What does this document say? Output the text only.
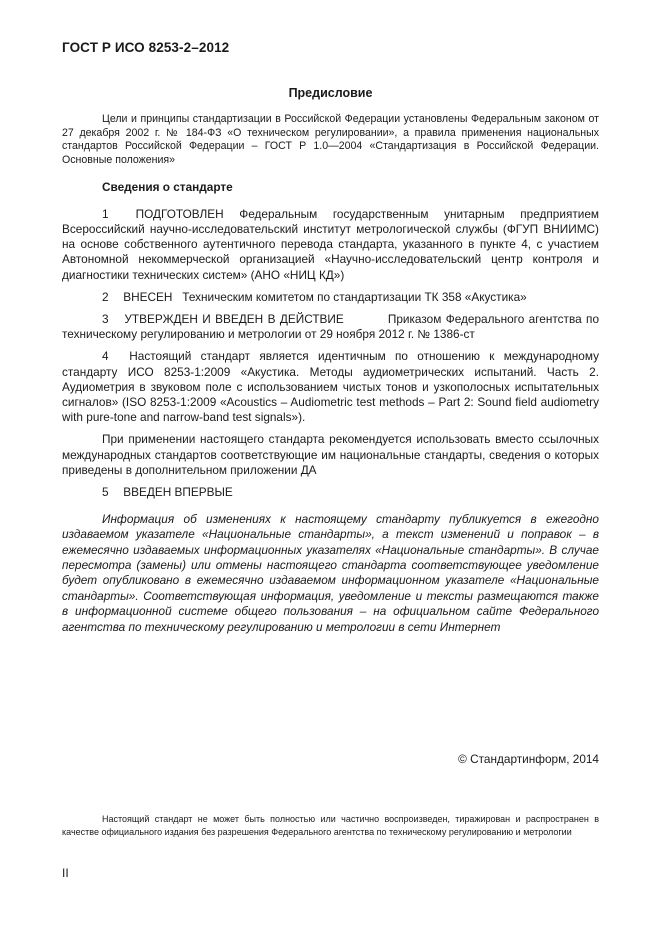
ГОСТ Р ИСО 8253-2–2012
Предисловие

Цели и принципы стандартизации в Российской Федерации установлены Федеральным законом от 27 декабря 2002 г. № 184-ФЗ «О техническом регулировании», а правила применения национальных стандартов Российской Федерации – ГОСТ Р 1.0—2004 «Стандартизация в Российской Федерации. Основные положения»

Сведения о стандарте

1 ПОДГОТОВЛЕН Федеральным государственным унитарным предприятием Всероссийский научно-исследовательский институт метрологической службы (ФГУП ВНИИМС) на основе собственного аутентичного перевода стандарта, указанного в пункте 4, с участием Автономной некоммерческой организацией «Научно-исследовательский центр контроля и диагностики технических систем» (АНО «НИЦ КД»)

2 ВНЕСЕН   Техническим комитетом по стандартизации ТК 358 «Акустика»

3 УТВЕРЖДЕН И ВВЕДЕН В ДЕЙСТВИЕ          Приказом Федерального агентства по техническому регулированию и метрологии от 29 ноября 2012 г. № 1386-ст

4 Настоящий стандарт является идентичным по отношению к международному стандарту ИСО 8253-1:2009 «Акустика. Методы аудиометрических испытаний. Часть 2. Аудиометрия в звуковом поле с использованием чистых тонов и узкополосных испытательных сигналов» (ISO 8253-1:2009 «Acoustics – Audiometric test methods – Part 2: Sound field audiometry with pure-tone and narrow-band test signals»).

При применении настоящего стандарта рекомендуется использовать вместо ссылочных международных стандартов соответствующие им национальные стандарты, сведения о которых приведены в дополнительном приложении ДА

5 ВВЕДЕН ВПЕРВЫЕ

Информация об изменениях к настоящему стандарту публикуется в ежегодно издаваемом указателе «Национальные стандарты», а текст изменений и поправок – в ежемесячно издаваемых информационных указателях «Национальные стандарты». В случае пересмотра (замены) или отмены настоящего стандарта соответствующее уведомление будет опубликовано в ежемесячно издаваемом информационном указателе «Национальные стандарты». Соответствующая информация, уведомление и тексты размещаются также в информационной системе общего пользования – на официальном сайте Федерального агентства по техническому регулированию и метрологии в сети Интернет

© Стандартинформ, 2014

Настоящий стандарт не может быть полностью или частично воспроизведен, тиражирован и распространен в качестве официального издания без разрешения Федерального агентства по техническому регулированию и метрологии

II
